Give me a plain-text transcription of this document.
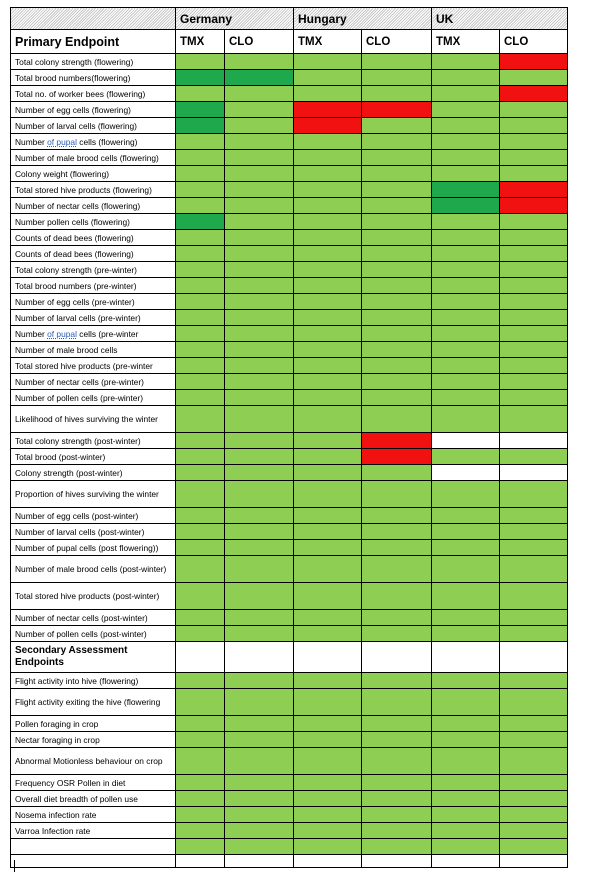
	Germany		Hungary		UK	
Primary Endpoint	TMX	CLO	TMX	CLO	TMX	CLO
Total colony strength (flowering)						
Total brood numbers(flowering)						
Total no. of worker bees (flowering)						
Number of egg cells (flowering)						
Number of larval cells (flowering)						
Number of pupal cells (flowering)						
Number of male brood cells (flowering)						
Colony weight (flowering)						
Total stored hive products (flowering)						
Number of nectar cells (flowering)						
Number pollen cells (flowering)						
Counts of dead bees (flowering)						
Counts of dead bees (flowering)						
Total colony strength (pre-winter)						
Total brood numbers (pre-winter)						
Number of egg cells (pre-winter)						
Number of larval cells (pre-winter)						
Number of pupal cells (pre-winter						
Number of male brood cells						
Total stored hive products (pre-winter						
Number of nectar cells (pre-winter)						
Number of pollen cells (pre-winter)						
Likelihood of hives surviving the winter						
Total colony strength (post-winter)						
Total brood (post-winter)						
Colony strength (post-winter)						
Proportion of hives surviving the winter						
Number of egg cells (post-winter)						
Number of larval cells (post-winter)						
Number of pupal cells (post flowering))						
Number of male brood cells (post-winter)						
Total stored hive products (post-winter)						
Number of nectar cells (post-winter)						
Number of pollen cells (post-winter)						
Secondary Assessment Endpoints						
Flight activity into hive (flowering)						
Flight activity exiting the hive (flowering						
Pollen foraging in crop						
Nectar foraging in crop						
Abnormal Motionless behaviour on crop						
Frequency OSR Pollen in diet						
Overall diet breadth of pollen use						
Nosema infection rate						
Varroa Infection rate						
